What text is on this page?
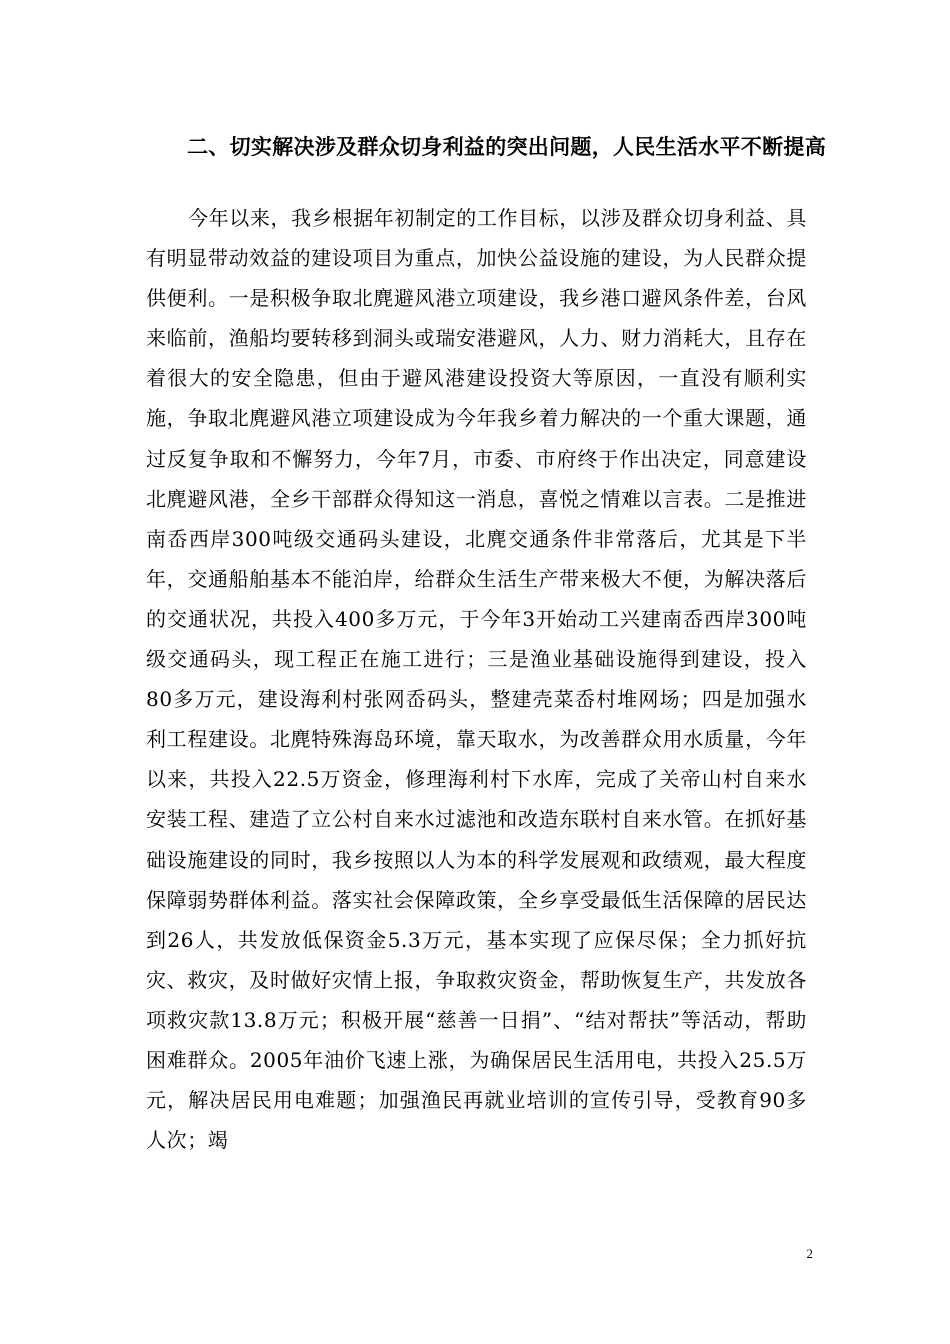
二、切实解决涉及群众切身利益的突出问题，人民生活水平不断提高

今年以来，我乡根据年初制定的工作目标，以涉及群众切身利益、具有明显带动效益的建设项目为重点，加快公益设施的建设，为人民群众提供便利。一是积极争取北麂避风港立项建设，我乡港口避风条件差，台风来临前，渔船均要转移到洞头或瑞安港避风，人力、财力消耗大，且存在着很大的安全隐患，但由于避风港建设投资大等原因，一直没有顺利实施，争取北麂避风港立项建设成为今年我乡着力解决的一个重大课题，通过反复争取和不懈努力，今年7月，市委、市府终于作出决定，同意建设北麂避风港，全乡干部群众得知这一消息，喜悦之情难以言表。二是推进南岙西岸300吨级交通码头建设，北麂交通条件非常落后，尤其是下半年，交通船舶基本不能泊岸，给群众生活生产带来极大不便，为解决落后的交通状况，共投入400多万元，于今年3开始动工兴建南岙西岸300吨级交通码头，现工程正在施工进行；三是渔业基础设施得到建设，投入80多万元，建设海利村张网岙码头，整建壳菜岙村堆网场；四是加强水利工程建设。北麂特殊海岛环境，靠天取水，为改善群众用水质量，今年以来，共投入22.5万资金，修理海利村下水库，完成了关帝山村自来水安装工程、建造了立公村自来水过滤池和改造东联村自来水管。在抓好基础设施建设的同时，我乡按照以人为本的科学发展观和政绩观，最大程度保障弱势群体利益。落实社会保障政策，全乡享受最低生活保障的居民达到26人，共发放低保资金5.3万元，基本实现了应保尽保；全力抓好抗灾、救灾，及时做好灾情上报，争取救灾资金，帮助恢复生产，共发放各项救灾款13.8万元；积极开展“慈善一日捐”、“结对帮扶”等活动，帮助困难群众。2005年油价飞速上涨，为确保居民生活用电，共投入25.5万元，解决居民用电难题；加强渔民再就业培训的宣传引导，受教育90多人次；竭

2
